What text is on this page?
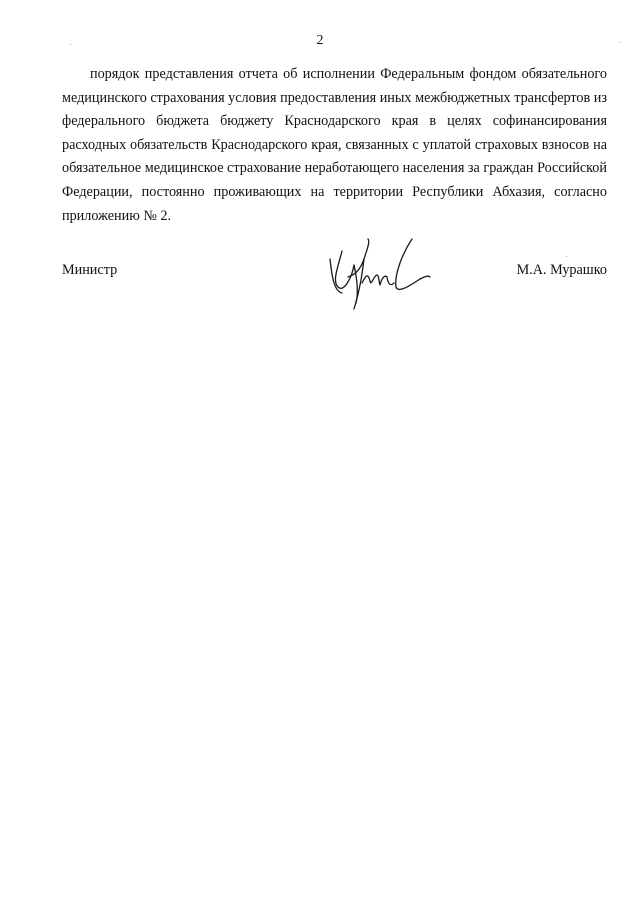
2

порядок представления отчета об исполнении Федеральным фондом обязательного медицинского страхования условия предоставления иных межбюджетных трансфертов из федерального бюджета бюджету Краснодарского края в целях софинансирования расходных обязательств Краснодарского края, связанных с уплатой страховых взносов на обязательное медицинское страхование неработающего населения за граждан Российской Федерации, постоянно проживающих на территории Республики Абхазия, согласно приложению № 2.

Министр	М.А. Мурашко
